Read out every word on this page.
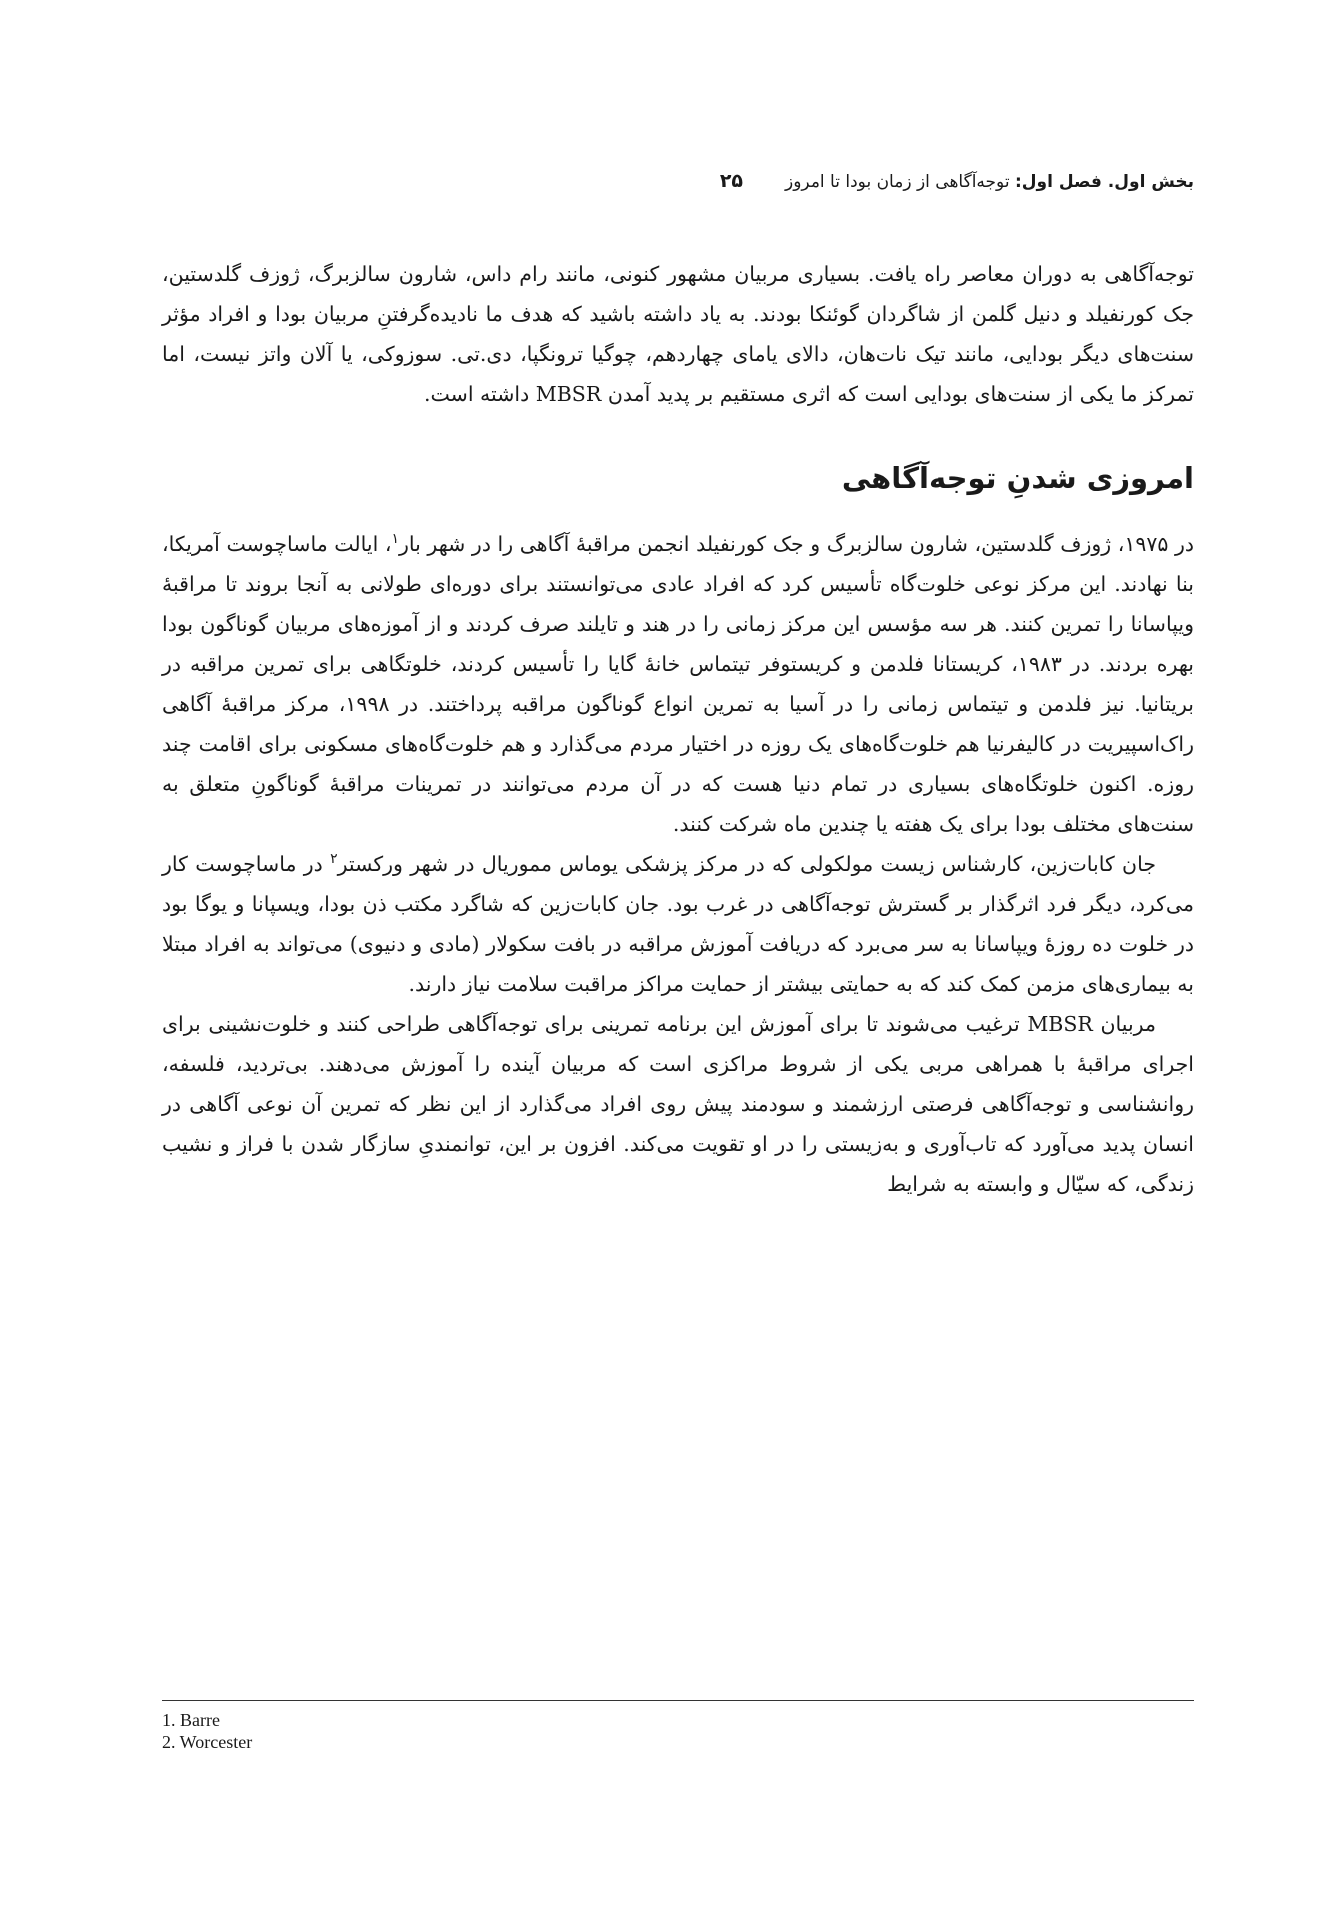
بخش اول. فصل اول: توجه‌آگاهی از زمان بودا تا امروز
۲۵

توجه‌آگاهی به دوران معاصر راه یافت. بسیاری مربیان مشهور کنونی، مانند رام داس، شارون سالزبرگ، ژوزف گلدستین، جک کورنفیلد و دنیل گلمن از شاگردان گوئنکا بودند. به یاد داشته باشید که هدف ما نادیده‌گرفتنِ مربیان بودا و افراد مؤثر سنت‌های دیگر بودایی، مانند تیک نات‌هان، دالای یامای چهاردهم، چوگیا ترونگپا، دی.تی. سوزوکی، یا آلان واتز نیست، اما تمرکز ما یکی از سنت‌های بودایی است که اثری مستقیم بر پدید آمدن MBSR داشته است.

امروزی شدنِ توجه‌آگاهی

در ۱۹۷۵، ژوزف گلدستین، شارون سالزبرگ و جک کورنفیلد انجمن مراقبهٔ آگاهی را در شهر بار$^۱$، ایالت ماساچوست آمریکا، بنا نهادند. این مرکز نوعی خلوت‌گاه تأسیس کرد که افراد عادی می‌توانستند برای دوره‌ای طولانی به آنجا بروند تا مراقبهٔ ویپاسانا را تمرین کنند. هر سه مؤسس این مرکز زمانی را در هند و تایلند صرف کردند و از آموزه‌های مربیان گوناگون بودا بهره بردند. در ۱۹۸۳، کریستانا فلدمن و کریستوفر تیتماس خانهٔ گایا را تأسیس کردند، خلوتگاهی برای تمرین مراقبه در بریتانیا. نیز فلدمن و تیتماس زمانی را در آسیا به تمرین انواع گوناگون مراقبه پرداختند. در ۱۹۹۸، مرکز مراقبهٔ آگاهی راک‌اسپیریت در کالیفرنیا هم خلوت‌گاه‌های یک روزه در اختیار مردم می‌گذارد و هم خلوت‌گاه‌های مسکونی برای اقامت چند روزه. اکنون خلوتگاه‌های بسیاری در تمام دنیا هست که در آن مردم می‌توانند در تمرینات مراقبهٔ گوناگونِ متعلق به سنت‌های مختلف بودا برای یک هفته یا چندین ماه شرکت کنند.

جان کابات‌زین، کارشناس زیست مولکولی که در مرکز پزشکی یوماس مموریال در شهر ورکستر$^۲$ در ماساچوست کار می‌کرد، دیگر فرد اثرگذار بر گسترش توجه‌آگاهی در غرب بود. جان کابات‌زین که شاگرد مکتب ذن بودا، ویسپانا و یوگا بود در خلوت ده روزهٔ ویپاسانا به سر می‌برد که دریافت آموزش مراقبه در بافت سکولار (مادی و دنیوی) می‌تواند به افراد مبتلا به بیماری‌های مزمن کمک کند که به حمایتی بیشتر از حمایت مراکز مراقبت سلامت نیاز دارند.

مربیان MBSR ترغیب می‌شوند تا برای آموزش این برنامه تمرینی برای توجه‌آگاهی طراحی کنند و خلوت‌نشینی برای اجرای مراقبهٔ با همراهی مربی یکی از شروط مراکزی است که مربیان آینده را آموزش می‌دهند. بی‌تردید، فلسفه، روانشناسی و توجه‌آگاهی فرصتی ارزشمند و سودمند پیش روی افراد می‌گذارد از این نظر که تمرین آن نوعی آگاهی در انسان پدید می‌آورد که تاب‌آوری و به‌زیستی را در او تقویت می‌کند. افزون بر این، توانمندیِ سازگار شدن با فراز و نشیب زندگی، که سیّال و وابسته به شرایط

1. Barre
2. Worcester
